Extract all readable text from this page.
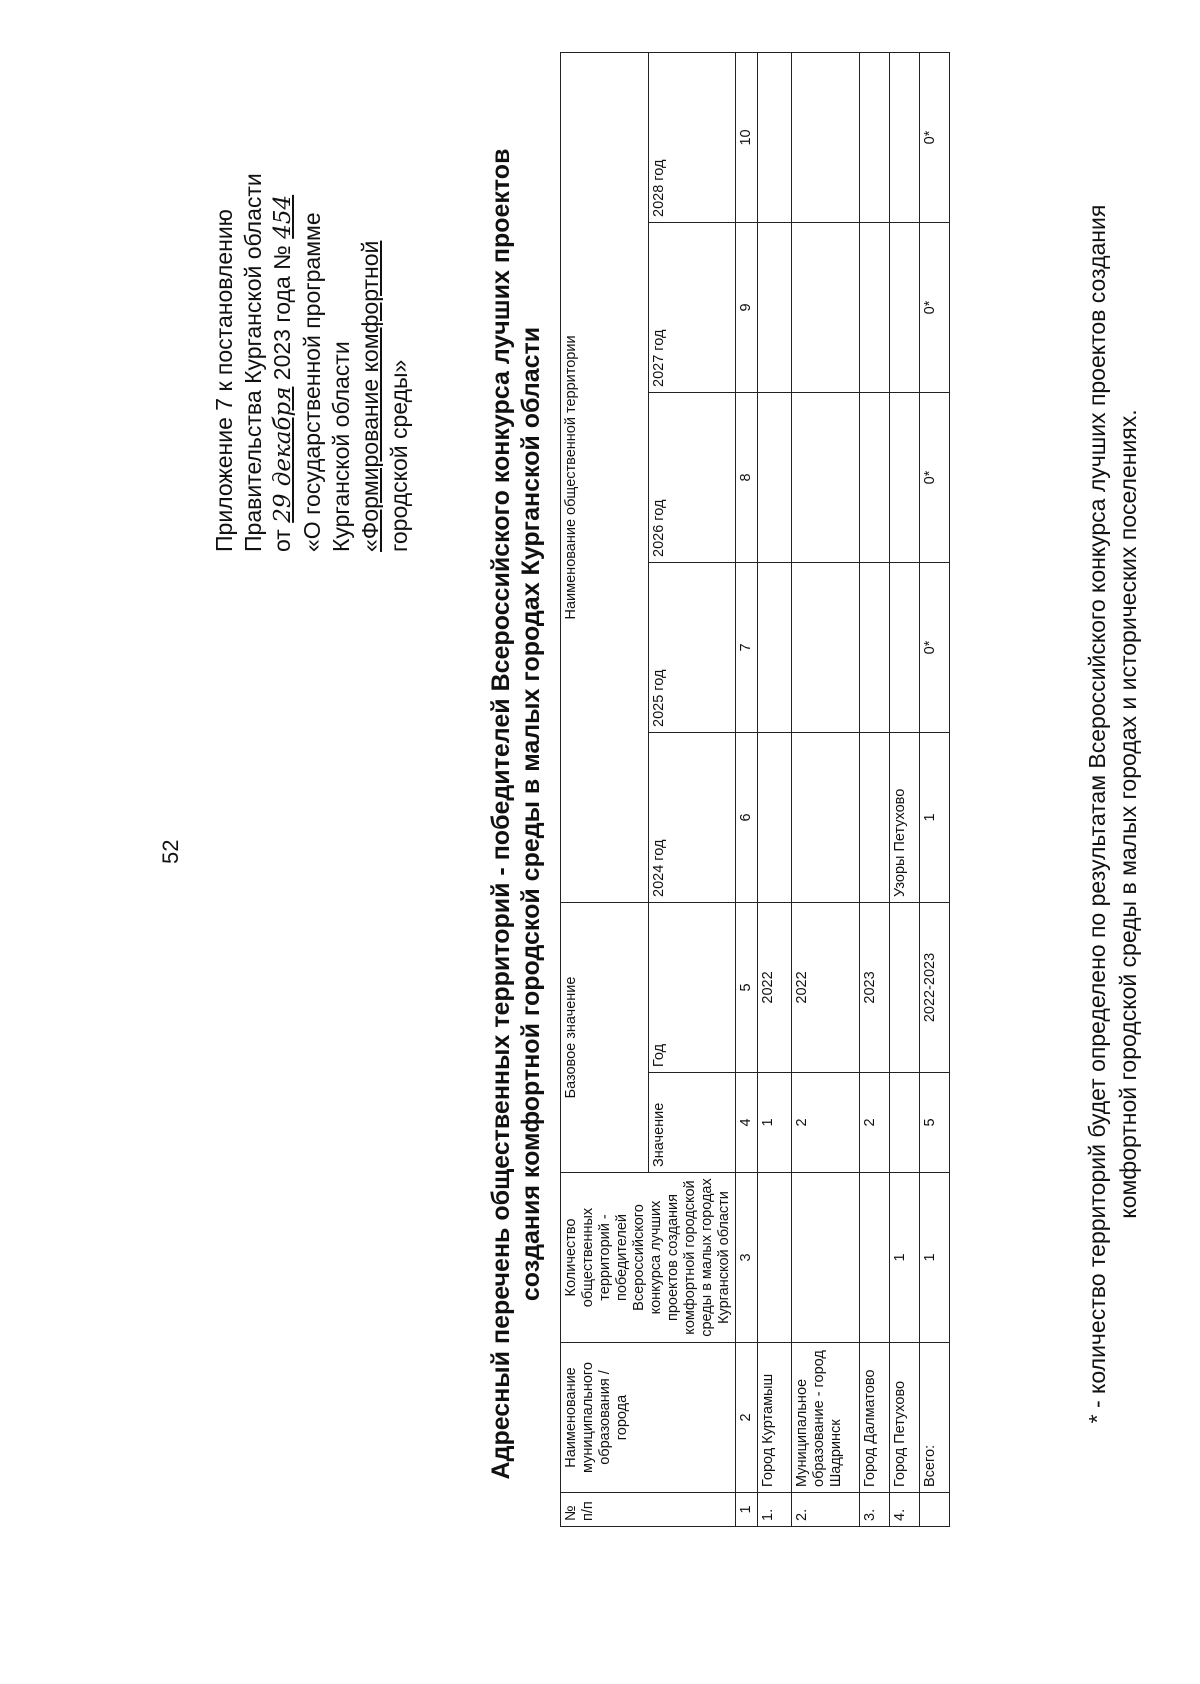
52
Приложение 7 к постановлению Правительства Курганской области от 29 декабря 2023 года № 454 «О государственной программе Курганской области «Формирование комфортной городской среды»	Адресный перечень общественных территорий - победителей Всероссийского конкурса лучших проектов создания комфортной городской среды в малых городах Курганской области
№ п/п	Наименование муниципального образования / города	Количество общественных территорий - победителей Всероссийского конкурса лучших проектов создания комфортной городской среды в малых городах Курганской области	Базовое значение		Наименование общественной территории				
			Значение	Год	2024 год	2025 год	2026 год	2027 год	2028 год
1	2	3	4	5	6	7	8	9	10
1.	Город Куртамыш		1	2022					
2.	Муниципальное образование - город Шадринск		2	2022					
3.	Город Далматово		2	2023					
4.	Город Петухово	1			Узоры Петухово				
	Всего:	1	5	2022-2023	1	0*	0*	0*	0*
* - количество территорий будет определено по результатам Всероссийского конкурса лучших проектов создания комфортной городской среды в малых городах и исторических поселениях.
